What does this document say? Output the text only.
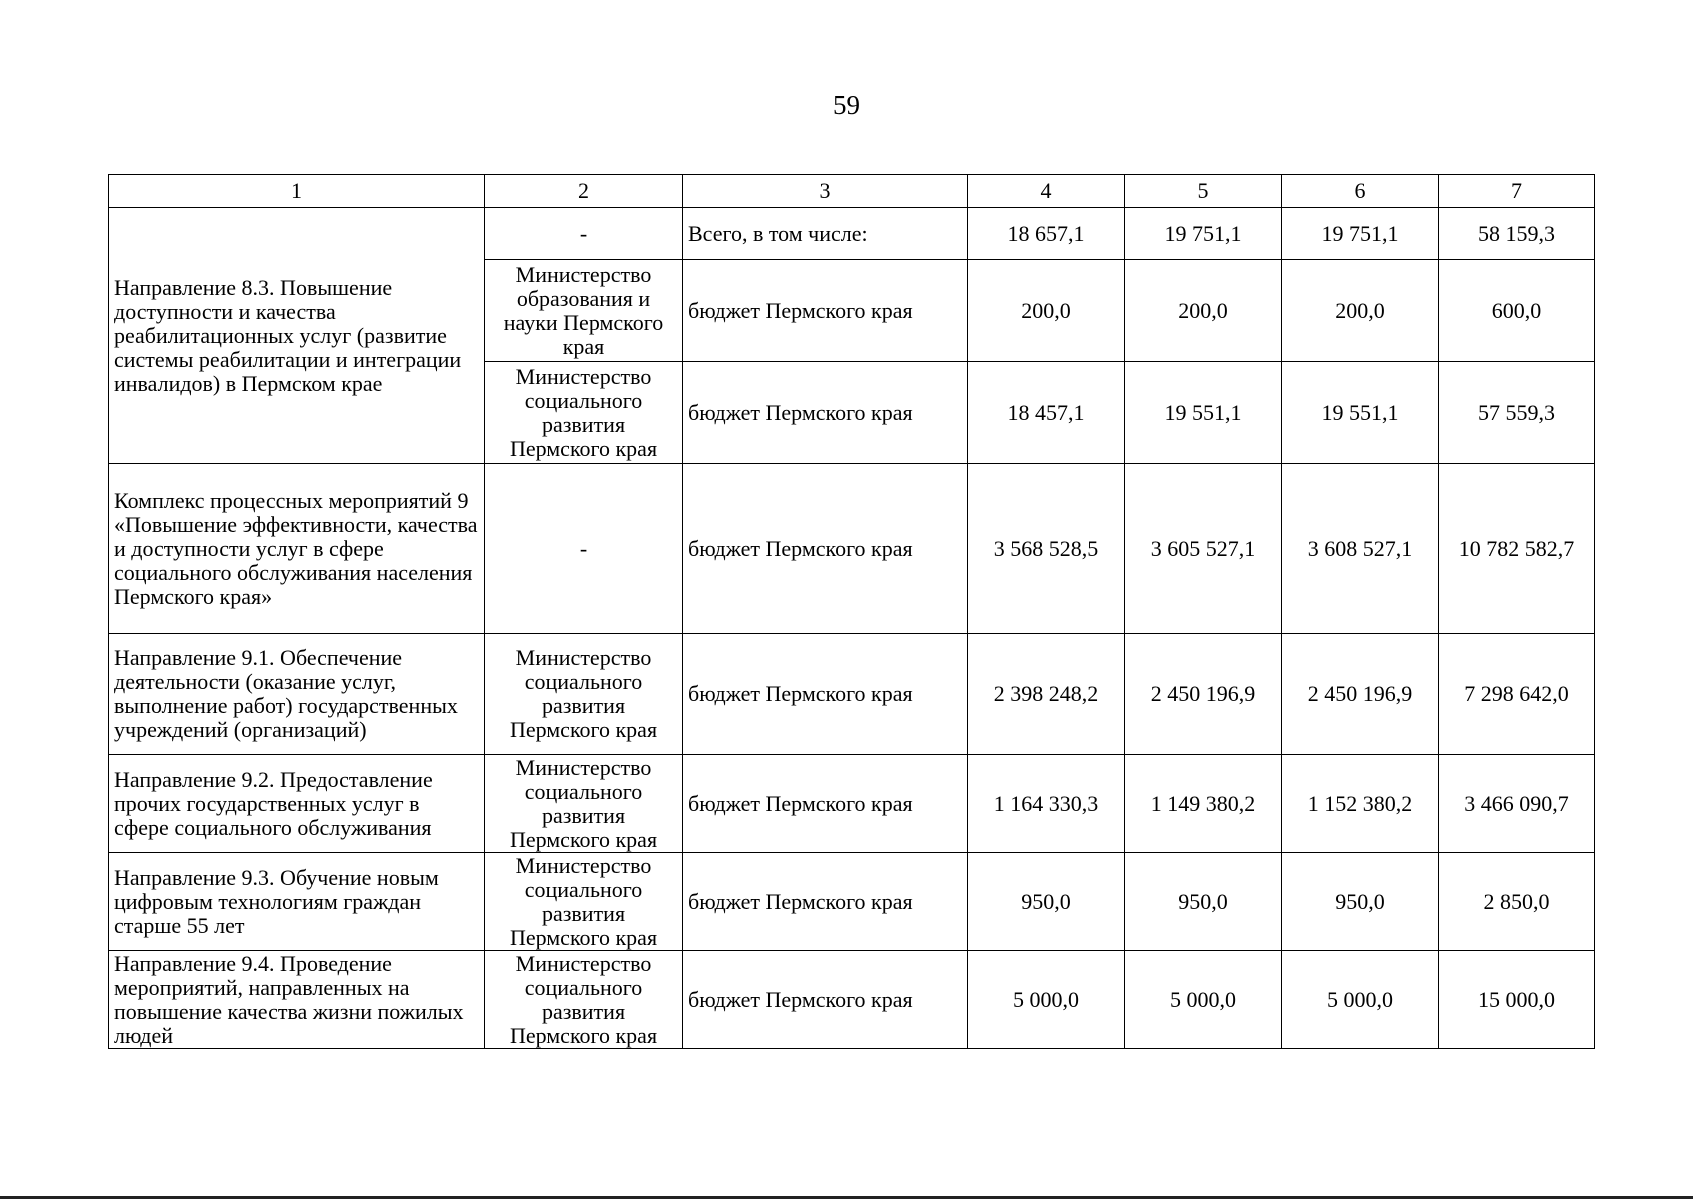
59
1	2	3	4	5	6	7
Направление 8.3. Повышение доступности и качества реабилитационных услуг (развитие системы реабилитации и интеграции инвалидов) в Пермском крае	-	Всего, в том числе:	18 657,1	19 751,1	19 751,1	58 159,3
	Министерство образования и науки Пермского края	бюджет Пермского края	200,0	200,0	200,0	600,0
	Министерство социального развития Пермского края	бюджет Пермского края	18 457,1	19 551,1	19 551,1	57 559,3
Комплекс процессных мероприятий 9 «Повышение эффективности, качества и доступности услуг в сфере социального обслуживания населения Пермского края»	-	бюджет Пермского края	3 568 528,5	3 605 527,1	3 608 527,1	10 782 582,7
Направление 9.1. Обеспечение деятельности (оказание услуг, выполнение работ) государственных учреждений (организаций)	Министерство социального развития Пермского края	бюджет Пермского края	2 398 248,2	2 450 196,9	2 450 196,9	7 298 642,0
Направление 9.2. Предоставление прочих государственных услуг в сфере социального обслуживания	Министерство социального развития Пермского края	бюджет Пермского края	1 164 330,3	1 149 380,2	1 152 380,2	3 466 090,7
Направление 9.3. Обучение новым цифровым технологиям граждан старше 55 лет	Министерство социального развития Пермского края	бюджет Пермского края	950,0	950,0	950,0	2 850,0
Направление 9.4. Проведение мероприятий, направленных на повышение качества жизни пожилых людей	Министерство социального развития Пермского края	бюджет Пермского края	5 000,0	5 000,0	5 000,0	15 000,0
